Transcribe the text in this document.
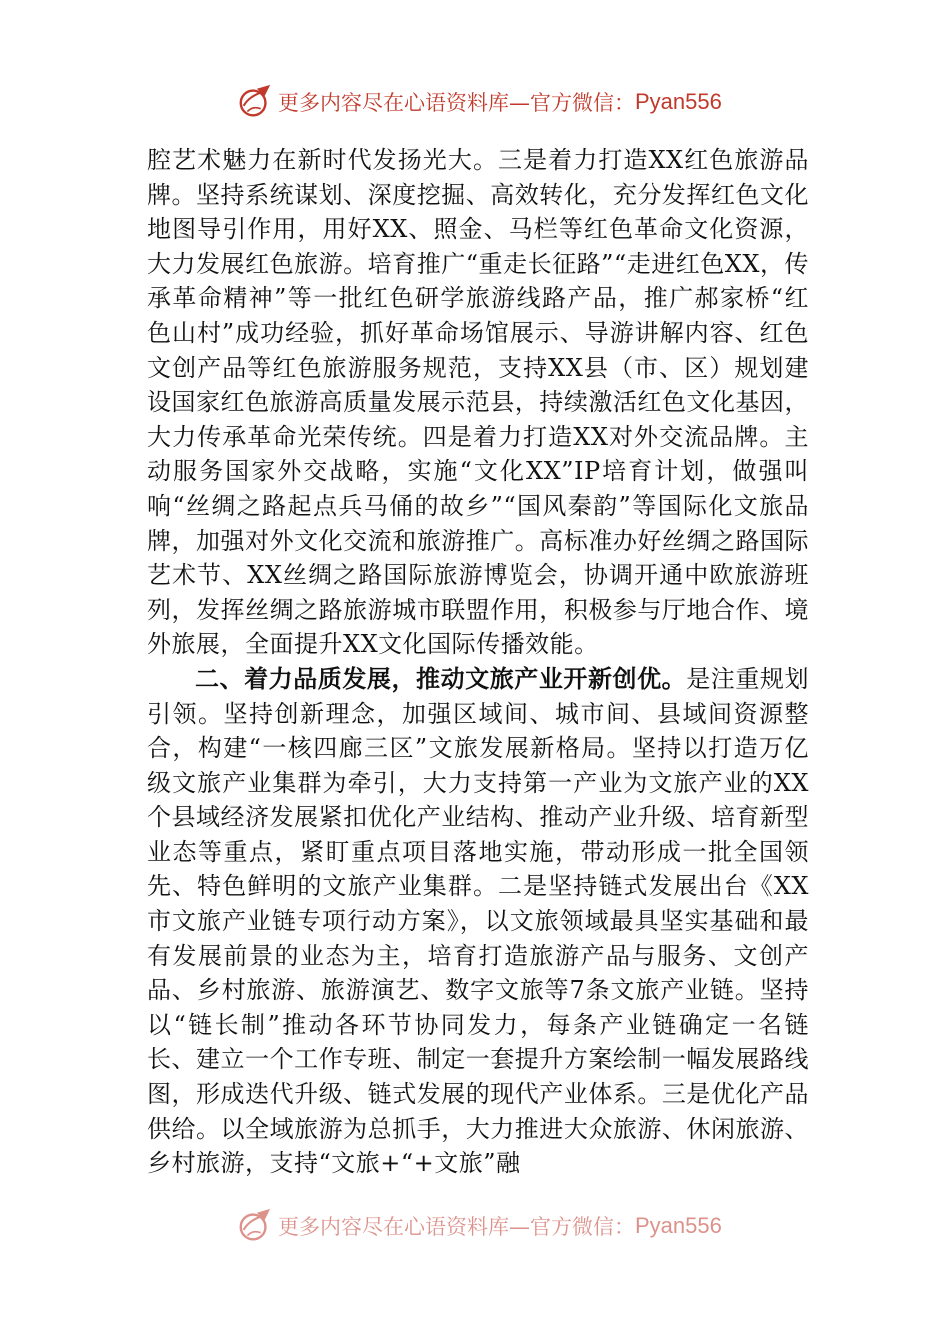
更多内容尽在心语资料库—官方微信： Pyan556

腔艺术魅力在新时代发扬光大。三是着力打造XX红色旅游品牌。坚持系统谋划、深度挖掘、高效转化，充分发挥红色文化地图导引作用，用好XX、照金、马栏等红色革命文化资源，大力发展红色旅游。培育推广“重走长征路”“走进红色XX，传承革命精神”等一批红色研学旅游线路产品，推广郝家桥“红色山村”成功经验，抓好革命场馆展示、导游讲解内容、红色文创产品等红色旅游服务规范，支持XX县（市、区）规划建设国家红色旅游高质量发展示范县，持续激活红色文化基因，大力传承革命光荣传统。四是着力打造XX对外交流品牌。主动服务国家外交战略，实施“文化XX”IP培育计划，做强叫响“丝绸之路起点兵马俑的故乡”“国风秦韵”等国际化文旅品牌，加强对外文化交流和旅游推广。高标准办好丝绸之路国际艺术节、XX丝绸之路国际旅游博览会，协调开通中欧旅游班列，发挥丝绸之路旅游城市联盟作用，积极参与厅地合作、境外旅展，全面提升XX文化国际传播效能。

二、着力品质发展，推动文旅产业开新创优。是注重规划引领。坚持创新理念，加强区域间、城市间、县域间资源整合，构建“一核四廊三区”文旅发展新格局。坚持以打造万亿级文旅产业集群为牵引，大力支持第一产业为文旅产业的XX个县域经济发展紧扣优化产业结构、推动产业升级、培育新型业态等重点，紧盯重点项目落地实施，带动形成一批全国领先、特色鲜明的文旅产业集群。二是坚持链式发展出台《XX市文旅产业链专项行动方案》，以文旅领域最具坚实基础和最有发展前景的业态为主，培育打造旅游产品与服务、文创产品、乡村旅游、旅游演艺、数字文旅等7条文旅产业链。坚持以“链长制”推动各环节协同发力，每条产业链确定一名链长、建立一个工作专班、制定一套提升方案绘制一幅发展路线图，形成迭代升级、链式发展的现代产业体系。三是优化产品供给。以全域旅游为总抓手，大力推进大众旅游、休闲旅游、乡村旅游，支持“文旅+“+文旅”融

更多内容尽在心语资料库—官方微信： Pyan556
